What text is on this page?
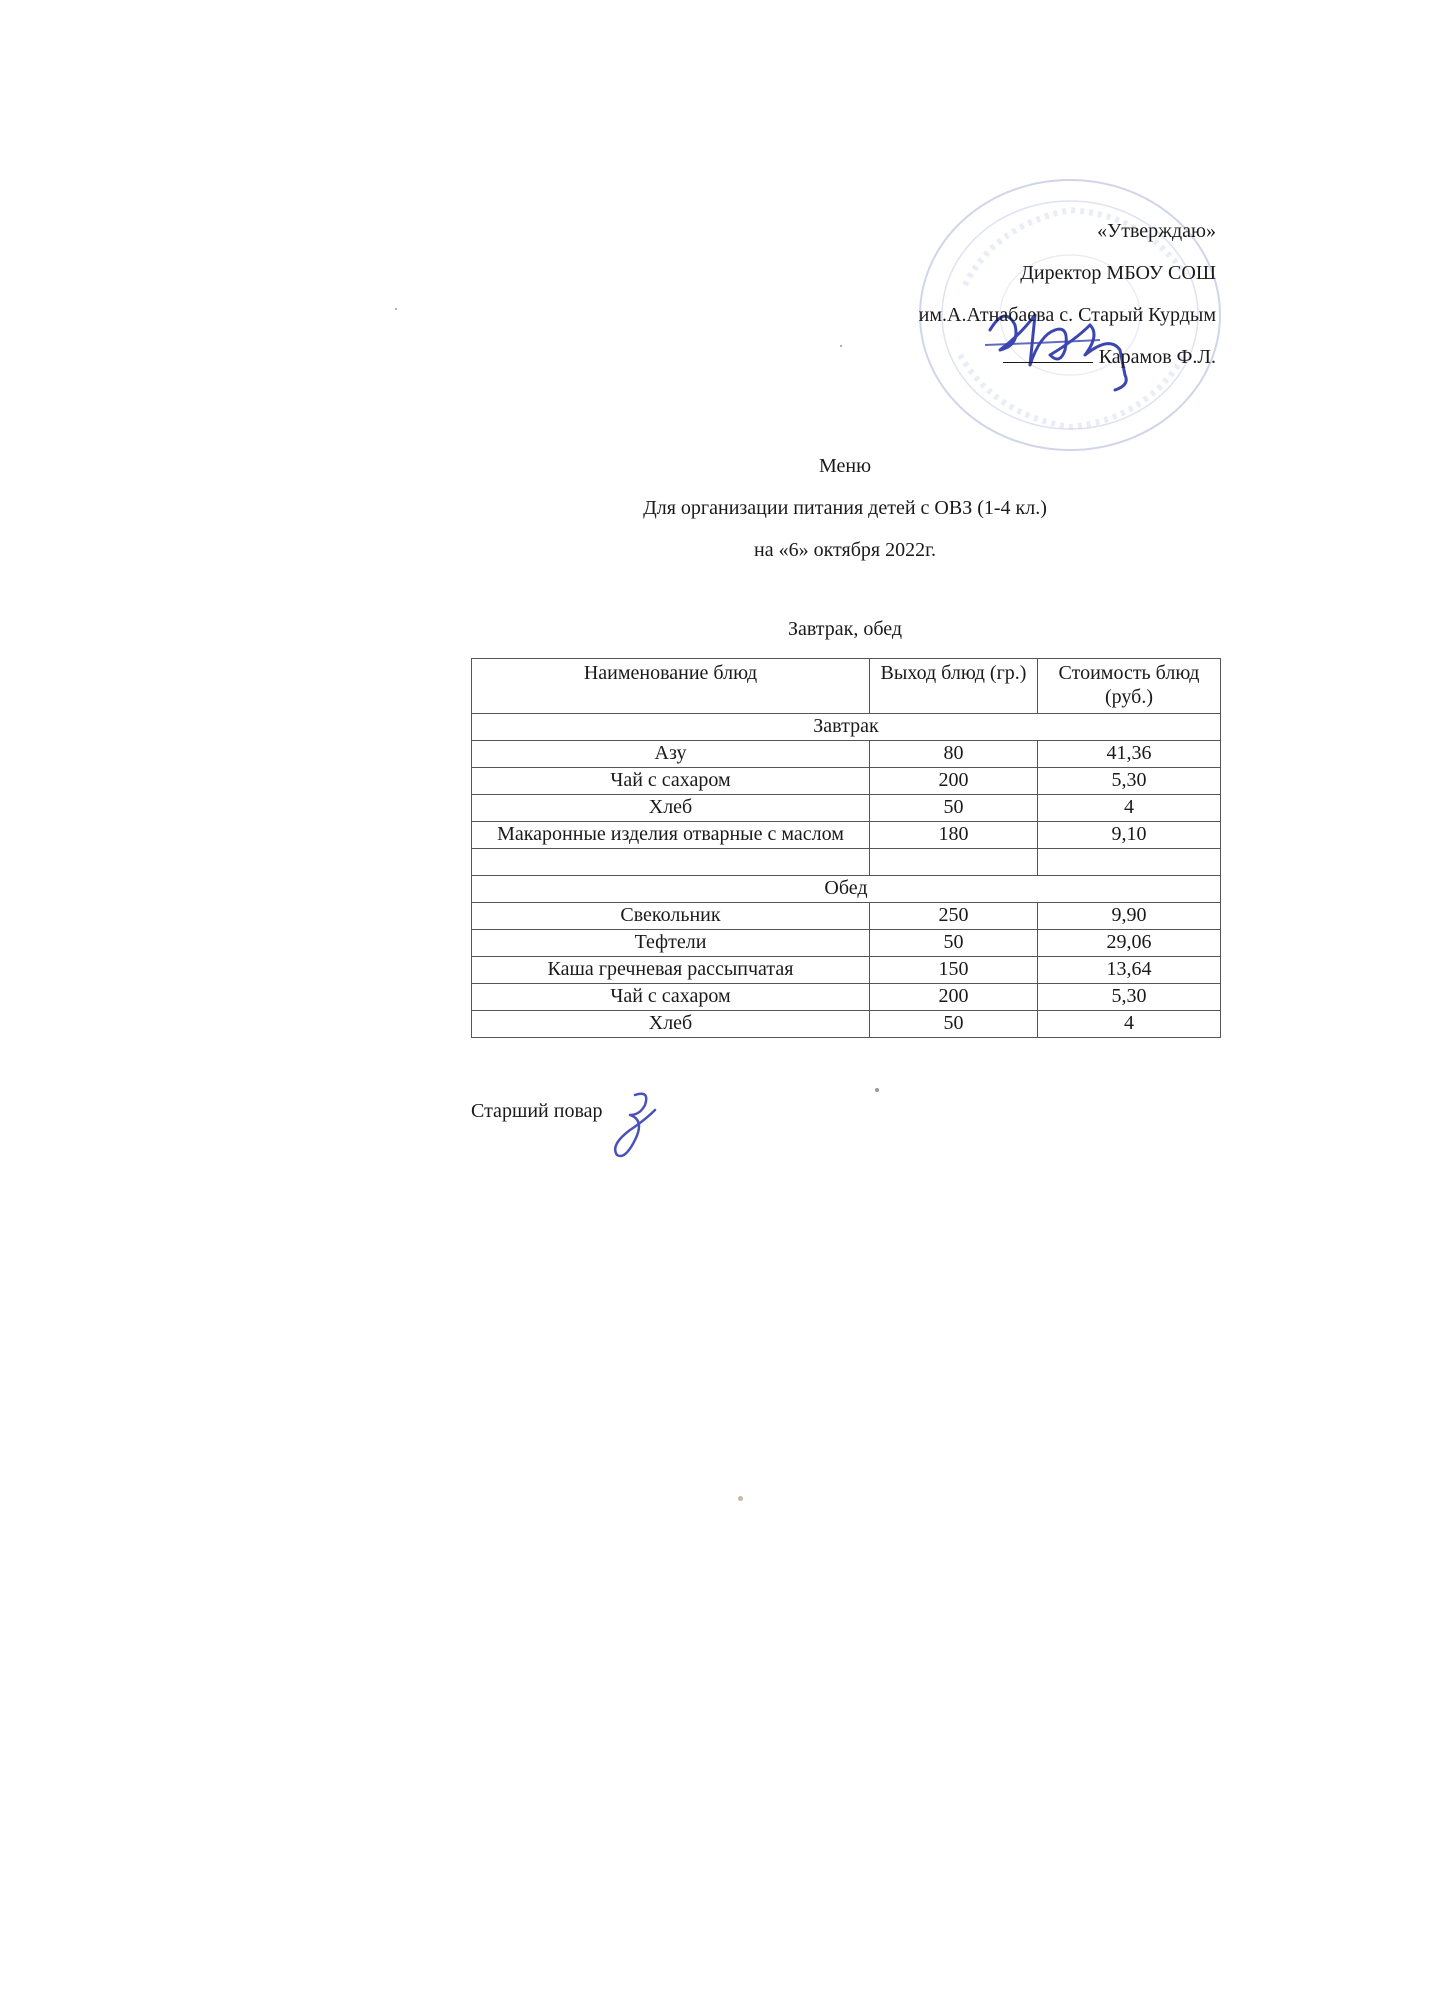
«Утверждаю»
Директор МБОУ СОШ
им.А.Атнабаева с. Старый Курдым
Карамов Ф.Л.
Меню
Для организации питания детей с ОВЗ (1-4 кл.)
на «6» октября 2022г.
Завтрак, обед
Наименование блюд	Выход блюд (гр.)	Стоимость блюд (руб.)
Завтрак		
Азу	80	41,36
Чай с сахаром	200	5,30
Хлеб	50	4
Макаронные изделия отварные с маслом	180	9,10

Обед		
Свекольник	250	9,90
Тефтели	50	29,06
Каша гречневая рассыпчатая	150	13,64
Чай с сахаром	200	5,30
Хлеб	50	4
Старший повар
